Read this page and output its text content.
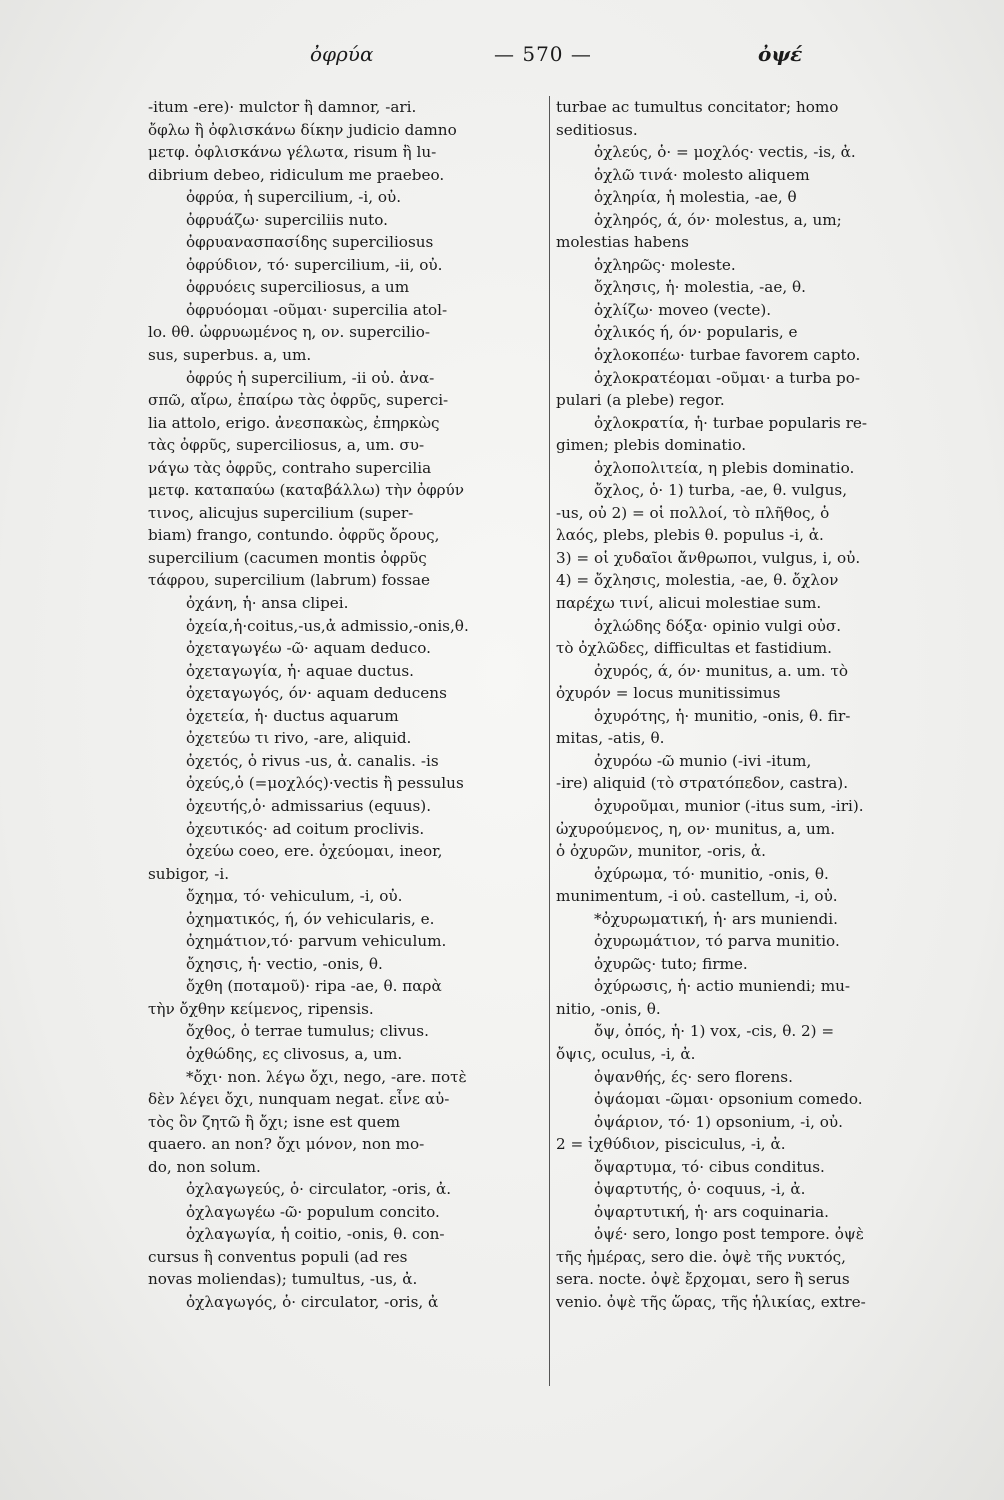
ὀφρύα	— 570 —	ὀψέ
-itum -ere)· mulctor ἢ damnor, -ari.
ὄφλω ἢ ὀφλισκάνω δίκην judicio damno
μετφ. ὀφλισκάνω γέλωτα, risum ἢ lu-
dibrium debeo, ridiculum me praebeo.
ὀφρύα, ἡ supercilium, -i, οὐ.
ὀφρυάζω· superciliis nuto.
ὀφρυανασπασίδης superciliosus
ὀφρύδιον, τό· supercilium, -ii, οὐ.
ὀφρυόεις superciliosus, a um
ὀφρυόομαι -οῦμαι· supercilia atol-
lo. θθ. ὠφρυωμένος η, ον. supercilio-
sus, superbus. a, um.
ὀφρύς ἡ supercilium, -ii οὐ. ἀνα-
σπῶ, αἴρω, ἐπαίρω τὰς ὀφρῦς, superci-
lia attolo, erigo. ἀνεσπακὼς, ἐπηρκὼς
τὰς ὀφρῦς, superciliosus, a, um. συ-
νάγω τὰς ὀφρῦς, contraho supercilia
μετφ. καταπαύω (καταβάλλω) τὴν ὀφρύν
τινος, alicujus supercilium (super-
biam) frango, contundo. ὀφρῦς ὄρους,
supercilium (cacumen montis ὀφρῦς
τάφρου, supercilium (labrum) fossae
ὀχάνη, ἡ· ansa clipei.
ὀχεία,ἡ·coitus,-us,ἀ admissio,-onis,θ.
ὀχεταγωγέω -ῶ· aquam deduco.
ὀχεταγωγία, ἡ· aquae ductus.
ὀχεταγωγός, όν· aquam deducens
ὀχετεία, ἡ· ductus aquarum
ὀχετεύω τι rivo, -are, aliquid.
ὀχετός, ὁ rivus -us, ἀ. canalis. -is
ὀχεύς,ὁ (=μοχλός)·vectis ἢ pessulus
ὀχευτής,ὁ· admissarius (equus).
ὀχευτικός· ad coitum proclivis.
ὀχεύω coeo, ere. ὀχεύομαι, ineor,
subigor, -i.
ὄχημα, τό· vehiculum, -i, οὐ.
ὀχηματικός, ή, όν vehicularis, e.
ὀχημάτιον,τό· parvum vehiculum.
ὄχησις, ἡ· vectio, -onis, θ.
ὄχθη (ποταμοῦ)· ripa -ae, θ. παρὰ
τὴν ὄχθην κείμενος, ripensis.
ὄχθος, ὁ terrae tumulus; clivus.
ὀχθώδης, ες clivosus, a, um.
*ὄχι· non. λέγω ὄχι, nego, -are. ποτὲ
δὲν λέγει ὄχι, nunquam negat. εἶνε αὐ-
τὸς ὃν ζητῶ ἢ ὄχι; isne est quem
quaero. an non? ὄχι μόνον, non mo-
do, non solum.
ὀχλαγωγεύς, ὁ· circulator, -oris, ἀ.
ὀχλαγωγέω -ῶ· populum concito.
ὀχλαγωγία, ἡ coitio, -onis, θ. con-
cursus ἢ conventus populi (ad res
novas moliendas); tumultus, -us, ἀ.
ὀχλαγωγός, ὁ· circulator, -oris, ἀ
turbae ac tumultus concitator; homo
seditiosus.
ὀχλεύς, ὁ· = μοχλός· vectis, -is, ἀ.
ὀχλῶ τινά· molesto aliquem
ὀχληρία, ἡ molestia, -ae, θ
ὀχληρός, ά, όν· molestus, a, um;
molestias habens
ὀχληρῶς· moleste.
ὄχλησις, ἡ· molestia, -ae, θ.
ὀχλίζω· moveo (vecte).
ὀχλικός ή, όν· popularis, e
ὀχλοκοπέω· turbae favorem capto.
ὀχλοκρατέομαι -οῦμαι· a turba po-
pulari (a plebe) regor.
ὀχλοκρατία, ἡ· turbae popularis re-
gimen; plebis dominatio.
ὀχλοπολιτεία, η plebis dominatio.
ὄχλος, ὁ· 1) turba, -ae, θ. vulgus,
-us, οὐ 2) = οἱ πολλοί, τὸ πλῆθος, ὁ
λαός, plebs, plebis θ. populus -i, ἀ.
3) = οἱ χυδαῖοι ἄνθρωποι, vulgus, i, οὐ.
4) = ὄχλησις, molestia, -ae, θ. ὄχλον
παρέχω τινί, alicui molestiae sum.
ὀχλώδης δόξα· opinio vulgi οὐσ.
τὸ ὀχλῶδες, difficultas et fastidium.
ὀχυρός, ά, όν· munitus, a. um. τὸ
ὀχυρόν = locus munitissimus
ὀχυρότης, ἡ· munitio, -onis, θ. fir-
mitas, -atis, θ.
ὀχυρόω -ῶ munio (-ivi -itum,
-ire) aliquid (τὸ στρατόπεδον, castra).
ὀχυροῦμαι, munior (-itus sum, -iri).
ὠχυρούμενος, η, ον· munitus, a, um.
ὁ ὀχυρῶν, munitor, -oris, ἀ.
ὀχύρωμα, τό· munitio, -onis, θ.
munimentum, -i οὐ. castellum, -i, οὐ.
*ὀχυρωματική, ἡ· ars muniendi.
ὀχυρωμάτιον, τό parva munitio.
ὀχυρῶς· tuto; firme.
ὀχύρωσις, ἡ· actio muniendi; mu-
nitio, -onis, θ.
ὄψ, ὀπός, ἡ· 1) vox, -cis, θ. 2) =
ὄψις, oculus, -i, ἀ.
ὀψανθής, ές· sero florens.
ὀψάομαι -ῶμαι· opsonium comedo.
ὀψάριον, τό· 1) opsonium, -i, οὐ.
2 = ἰχθύδιον, pisciculus, -i, ἀ.
ὄψαρτυμα, τό· cibus conditus.
ὀψαρτυτής, ὁ· coquus, -i, ἀ.
ὀψαρτυτική, ἡ· ars coquinaria.
ὀψέ· sero, longo post tempore. ὀψὲ
τῆς ἡμέρας, sero die. ὀψὲ τῆς νυκτός,
sera. nocte. ὀψὲ ἔρχομαι, sero ἢ serus
venio. ὀψὲ τῆς ὥρας, τῆς ἡλικίας, extre-
